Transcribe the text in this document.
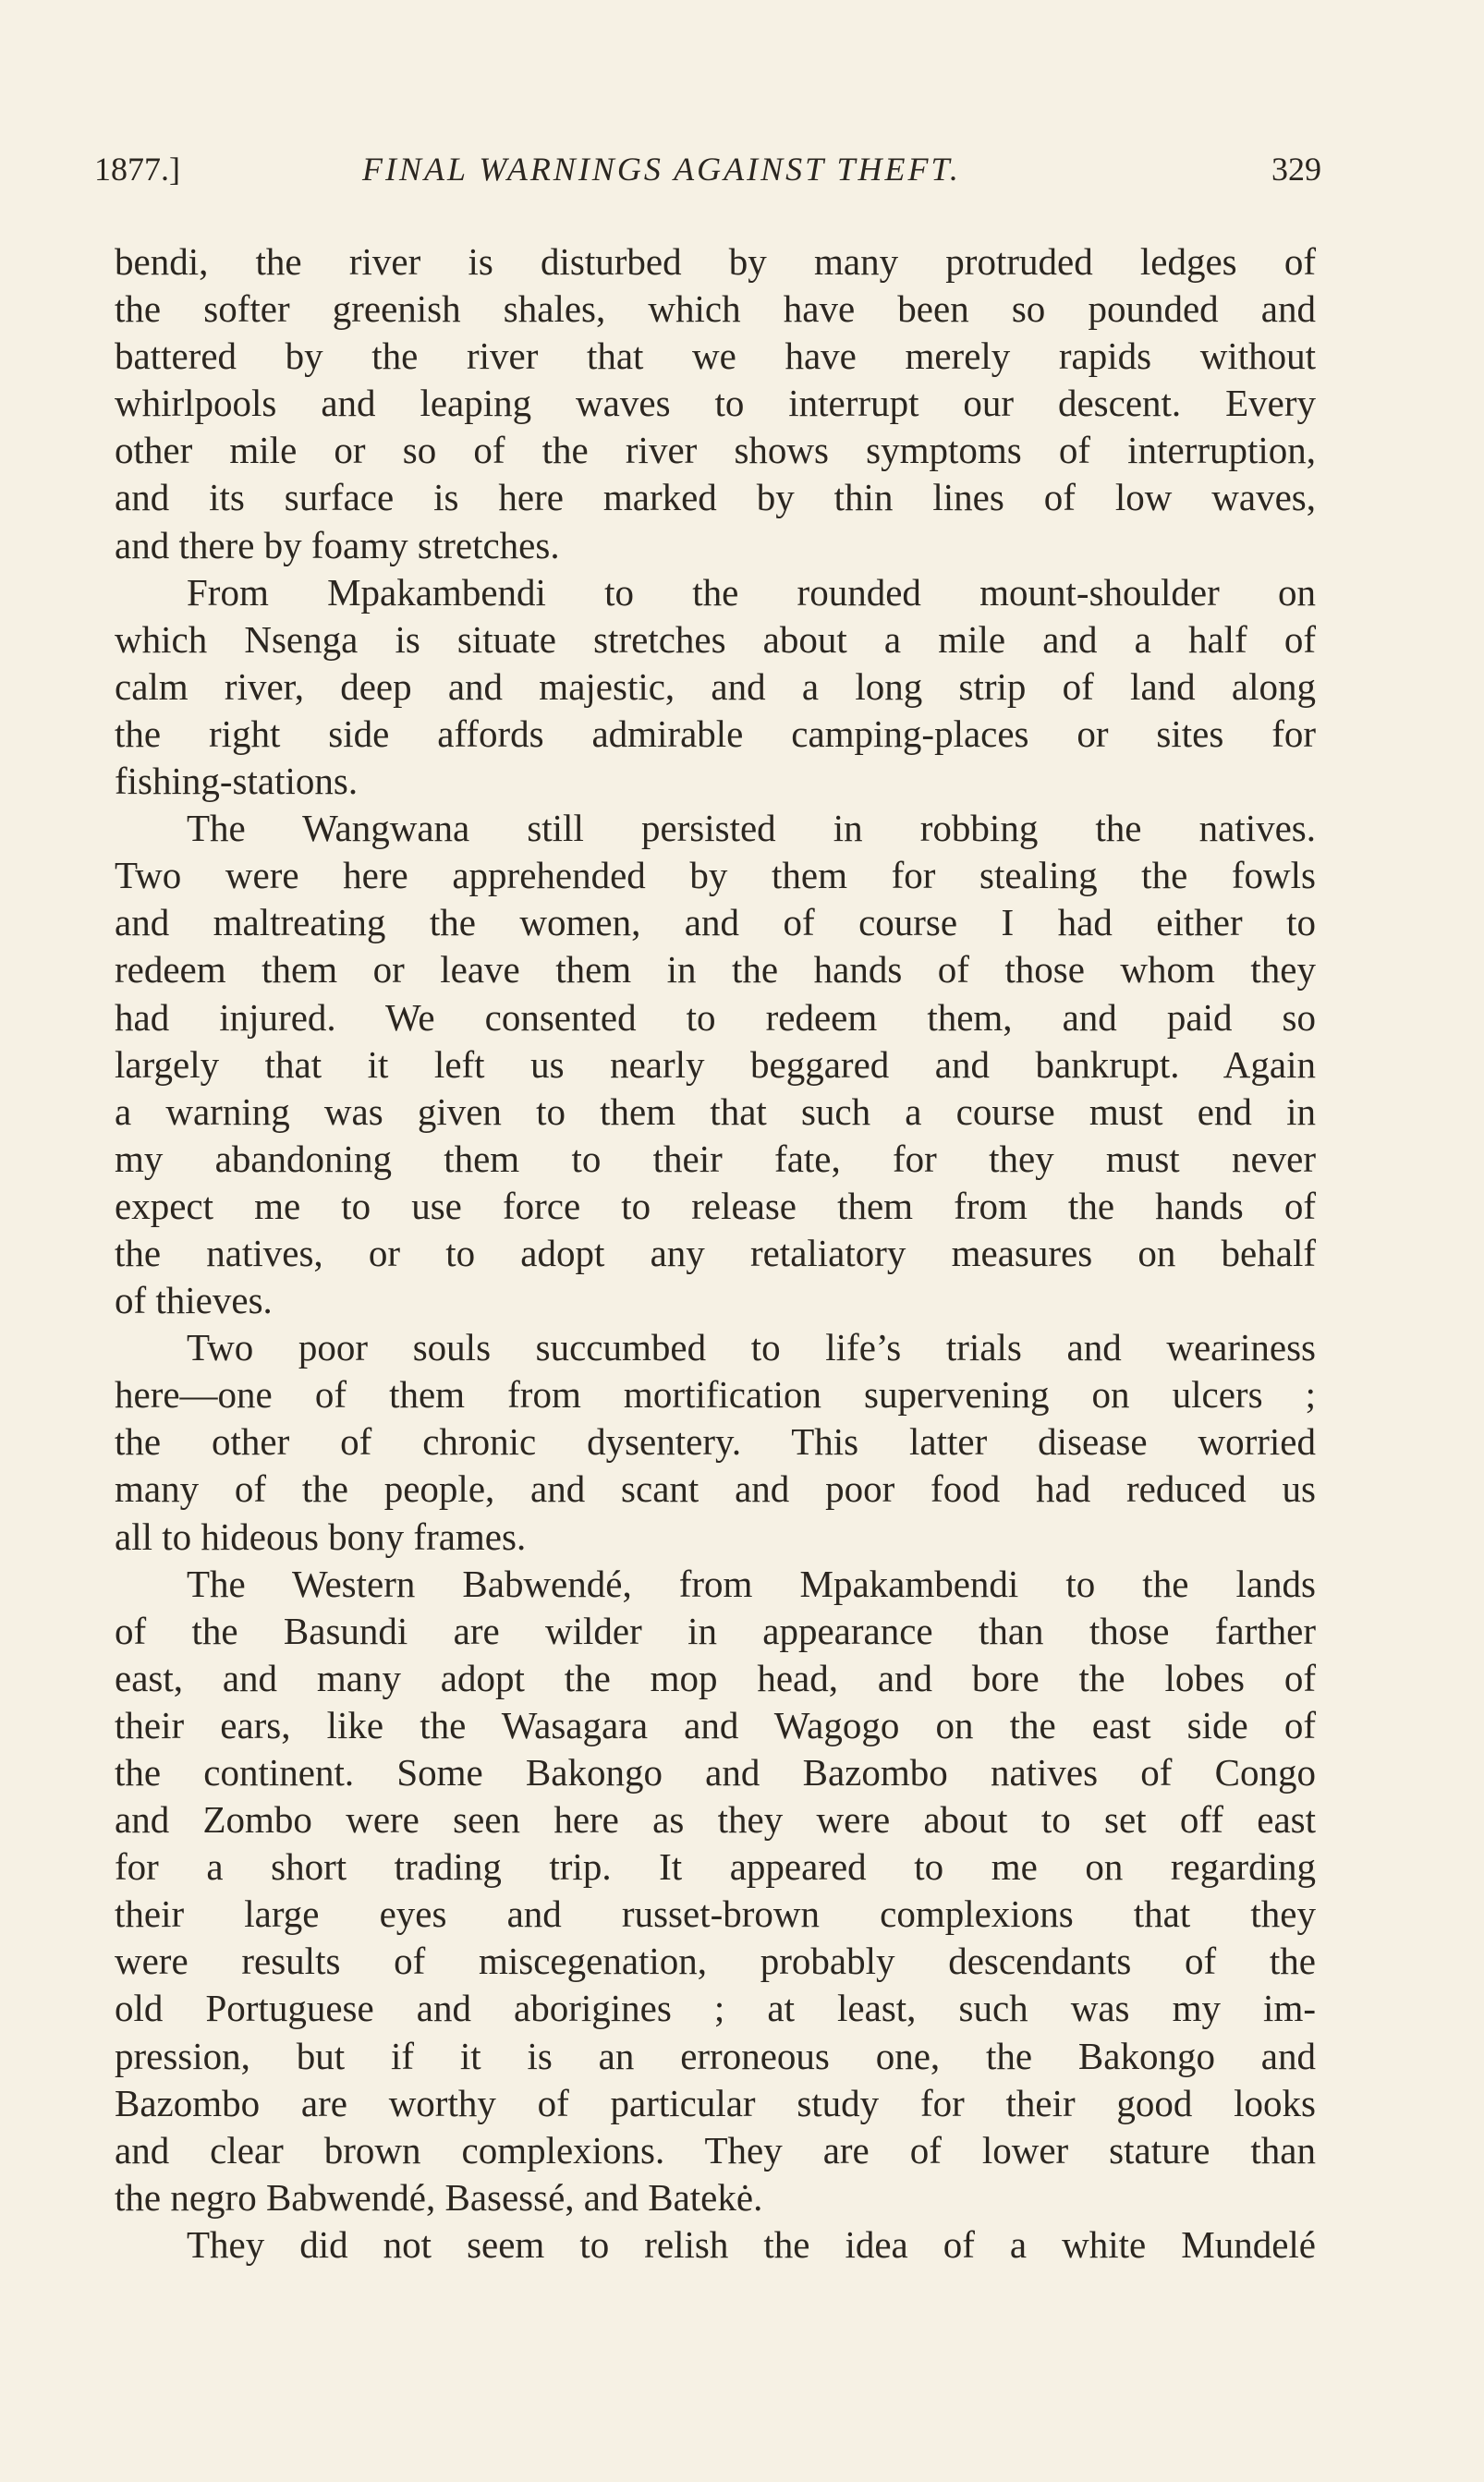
1877.]	FINAL WARNINGS AGAINST THEFT.	329
bendi, the river is disturbed by many protruded ledges of
the softer greenish shales, which have been so pounded and
battered by the river that we have merely rapids without
whirlpools and leaping waves to interrupt our descent. Every
other mile or so of the river shows symptoms of interruption,
and its surface is here marked by thin lines of low waves,
and there by foamy stretches.
From Mpakambendi to the rounded mount-shoulder on
which Nsenga is situate stretches about a mile and a half of
calm river, deep and majestic, and a long strip of land along
the right side affords admirable camping-places or sites for
fishing-stations.
The Wangwana still persisted in robbing the natives.
Two were here apprehended by them for stealing the fowls
and maltreating the women, and of course I had either to
redeem them or leave them in the hands of those whom they
had injured. We consented to redeem them, and paid so
largely that it left us nearly beggared and bankrupt. Again
a warning was given to them that such a course must end in
my abandoning them to their fate, for they must never
expect me to use force to release them from the hands of
the natives, or to adopt any retaliatory measures on behalf
of thieves.
Two poor souls succumbed to life’s trials and weariness
here—one of them from mortification supervening on ulcers ;
the other of chronic dysentery. This latter disease worried
many of the people, and scant and poor food had reduced us
all to hideous bony frames.
The Western Babwendé, from Mpakambendi to the lands
of the Basundi are wilder in appearance than those farther
east, and many adopt the mop head, and bore the lobes of
their ears, like the Wasagara and Wagogo on the east side of
the continent. Some Bakongo and Bazombo natives of Congo
and Zombo were seen here as they were about to set off east
for a short trading trip. It appeared to me on regarding
their large eyes and russet-brown complexions that they
were results of miscegenation, probably descendants of the
old Portuguese and aborigines ; at least, such was my im-
pression, but if it is an erroneous one, the Bakongo and
Bazombo are worthy of particular study for their good looks
and clear brown complexions. They are of lower stature than
the negro Babwendé, Basessé, and Batekė.
They did not seem to relish the idea of a white Mundelé
